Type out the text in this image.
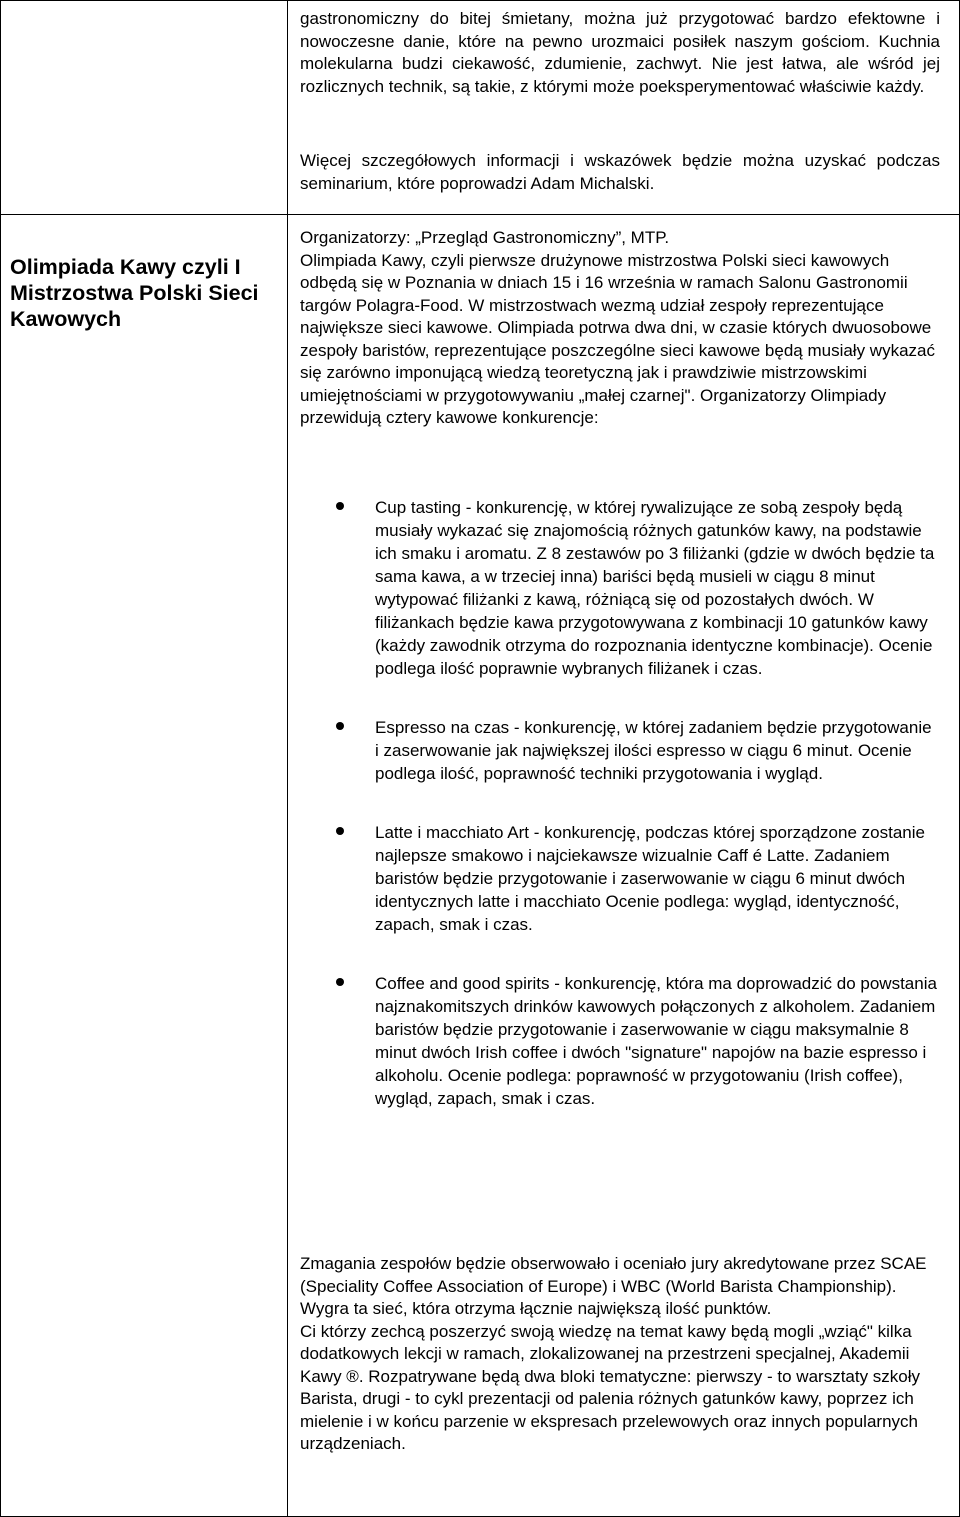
Olimpiada Kawy czyli I Mistrzostwa Polski Sieci Kawowych

gastronomiczny do bitej śmietany, można już przygotować bardzo efektowne i nowoczesne danie, które na pewno urozmaici posiłek naszym gościom. Kuchnia molekularna budzi ciekawość, zdumienie, zachwyt. Nie jest łatwa, ale wśród jej rozlicznych technik, są takie, z którymi może poeksperymentować właściwie każdy.

Więcej szczegółowych informacji i wskazówek będzie można uzyskać podczas seminarium, które poprowadzi Adam Michalski.

Organizatorzy: „Przegląd Gastronomiczny”, MTP.

Olimpiada Kawy, czyli pierwsze drużynowe mistrzostwa Polski sieci kawowych odbędą się w Poznania w dniach 15 i 16 września w ramach Salonu Gastronomii targów Polagra-Food. W mistrzostwach wezmą udział zespoły reprezentujące największe sieci kawowe. Olimpiada potrwa dwa dni, w czasie których dwuosobowe zespoły baristów, reprezentujące poszczególne sieci kawowe będą musiały wykazać się zarówno imponującą wiedzą teoretyczną jak i prawdziwie mistrzowskimi umiejętnościami w przygotowywaniu „małej czarnej". Organizatorzy Olimpiady przewidują cztery kawowe konkurencje:

Cup tasting - konkurencję, w której rywalizujące ze sobą zespoły będą musiały wykazać się znajomością różnych gatunków kawy, na podstawie ich smaku i aromatu. Z 8 zestawów po 3 filiżanki (gdzie w dwóch będzie ta sama kawa, a w trzeciej inna) bariści będą musieli w ciągu 8 minut wytypować filiżanki z kawą, różniącą się od pozostałych dwóch. W filiżankach będzie kawa przygotowywana z kombinacji 10 gatunków kawy (każdy zawodnik otrzyma do rozpoznania identyczne kombinacje). Ocenie podlega ilość poprawnie wybranych filiżanek i czas.

Espresso na czas - konkurencję, w której zadaniem będzie przygotowanie i zaserwowanie jak największej ilości espresso w ciągu 6 minut. Ocenie podlega ilość, poprawność techniki przygotowania i wygląd.

Latte i macchiato Art - konkurencję, podczas której sporządzone zostanie najlepsze smakowo i najciekawsze wizualnie Caff é Latte. Zadaniem baristów będzie przygotowanie i zaserwowanie w ciągu 6 minut dwóch identycznych latte i macchiato Ocenie podlega: wygląd, identyczność, zapach, smak i czas.

Coffee and good spirits - konkurencję, która ma doprowadzić do powstania najznakomitszych drinków kawowych połączonych z alkoholem. Zadaniem baristów będzie przygotowanie i zaserwowanie w ciągu maksymalnie 8 minut dwóch Irish coffee i dwóch "signature" napojów na bazie espresso i alkoholu. Ocenie podlega: poprawność w przygotowaniu (Irish coffee), wygląd, zapach, smak i czas.

Zmagania zespołów będzie obserwowało i oceniało jury akredytowane przez SCAE (Speciality Coffee Association of Europe) i WBC (World Barista Championship). Wygra ta sieć, która otrzyma łącznie największą ilość punktów.

Ci którzy zechcą poszerzyć swoją wiedzę na temat kawy będą mogli „wziąć" kilka dodatkowych lekcji w ramach, zlokalizowanej na przestrzeni specjalnej, Akademii Kawy ®. Rozpatrywane będą dwa bloki tematyczne: pierwszy - to warsztaty szkoły Barista, drugi - to cykl prezentacji od palenia różnych gatunków kawy, poprzez ich mielenie i w końcu parzenie w ekspresach przelewowych oraz innych popularnych urządzeniach.
